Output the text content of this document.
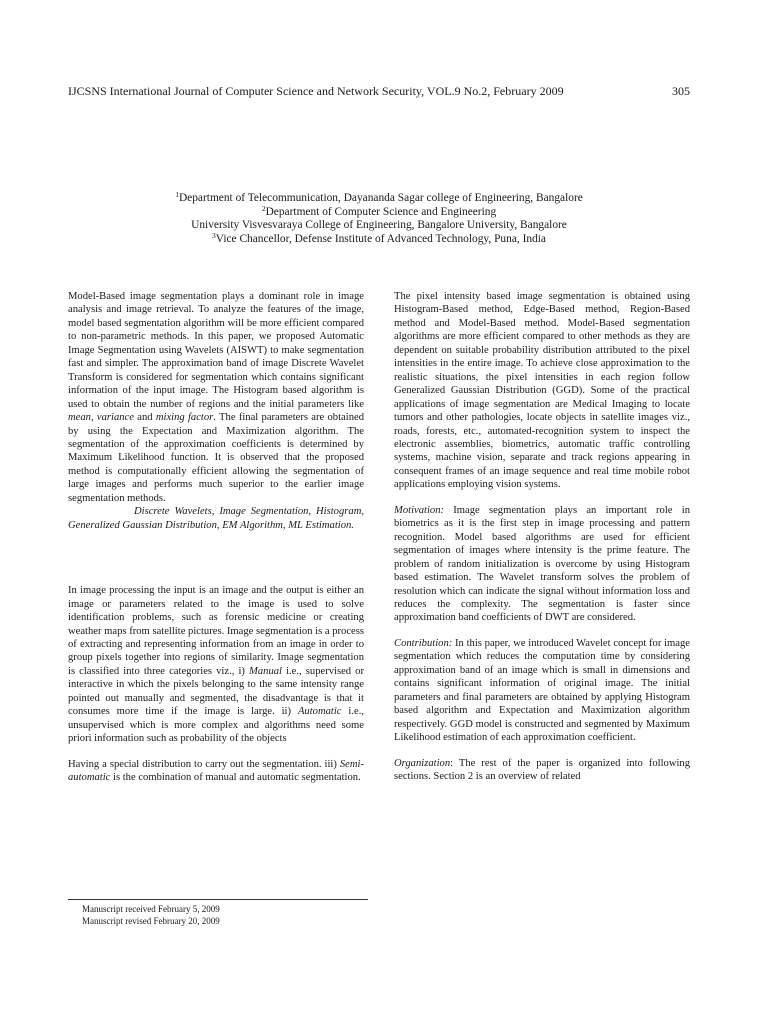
IJCSNS International Journal of Computer Science and Network Security, VOL.9 No.2, February 2009	305
$^1$Department of Telecommunication, Dayananda Sagar college of Engineering, Bangalore
$^2$Department of Computer Science and Engineering
University Visvesvaraya College of Engineering, Bangalore University, Bangalore
$^3$Vice Chancellor, Defense Institute of Advanced Technology, Puna, India

Model-Based image segmentation plays a dominant role in image analysis and image retrieval. To analyze the features of the image, model based segmentation algorithm will be more efficient compared to non-parametric methods. In this paper, we proposed Automatic Image Segmentation using Wavelets (AISWT) to make segmentation fast and simpler. The approximation band of image Discrete Wavelet Transform is considered for segmentation which contains significant information of the input image. The Histogram based algorithm is used to obtain the number of regions and the initial parameters like mean, variance and mixing factor. The final parameters are obtained by using the Expectation and Maximization algorithm. The segmentation of the approximation coefficients is determined by Maximum Likelihood function. It is observed that the proposed method is computationally efficient allowing the segmentation of large images and performs much superior to the earlier image segmentation methods.

Discrete Wavelets, Image Segmentation, Histogram, Generalized Gaussian Distribution, EM Algorithm, ML Estimation.

In image processing the input is an image and the output is either an image or parameters related to the image is used to solve identification problems, such as forensic medicine or creating weather maps from satellite pictures. Image segmentation is a process of extracting and representing information from an image in order to group pixels together into regions of similarity. Image segmentation is classified into three categories viz., i) Manual i.e., supervised or interactive in which the pixels belonging to the same intensity range pointed out manually and segmented, the disadvantage is that it consumes more time if the image is large. ii) Automatic i.e., unsupervised which is more complex and algorithms need some priori information such as probability of the objects

Having a special distribution to carry out the segmentation. iii) Semi-automatic is the combination of manual and automatic segmentation.

The pixel intensity based image segmentation is obtained using Histogram-Based method, Edge-Based method, Region-Based method and Model-Based method. Model-Based segmentation algorithms are more efficient compared to other methods as they are dependent on suitable probability distribution attributed to the pixel intensities in the entire image. To achieve close approximation to the realistic situations, the pixel intensities in each region follow Generalized Gaussian Distribution (GGD). Some of the practical applications of image segmentation are Medical Imaging to locate tumors and other pathologies, locate objects in satellite images viz., roads, forests, etc., automated-recognition system to inspect the electronic assemblies, biometrics, automatic traffic controlling systems, machine vision, separate and track regions appearing in consequent frames of an image sequence and real time mobile robot applications employing vision systems.

Motivation: Image segmentation plays an important role in biometrics as it is the first step in image processing and pattern recognition. Model based algorithms are used for efficient segmentation of images where intensity is the prime feature. The problem of random initialization is overcome by using Histogram based estimation. The Wavelet transform solves the problem of resolution which can indicate the signal without information loss and reduces the complexity. The segmentation is faster since approximation band coefficients of DWT are considered.

Contribution: In this paper, we introduced Wavelet concept for image segmentation which reduces the computation time by considering approximation band of an image which is small in dimensions and contains significant information of original image. The initial parameters and final parameters are obtained by applying Histogram based algorithm and Expectation and Maximization algorithm respectively. GGD model is constructed and segmented by Maximum Likelihood estimation of each approximation coefficient.

Organization: The rest of the paper is organized into following sections. Section 2 is an overview of related

Manuscript received February 5, 2009
Manuscript revised February 20, 2009
